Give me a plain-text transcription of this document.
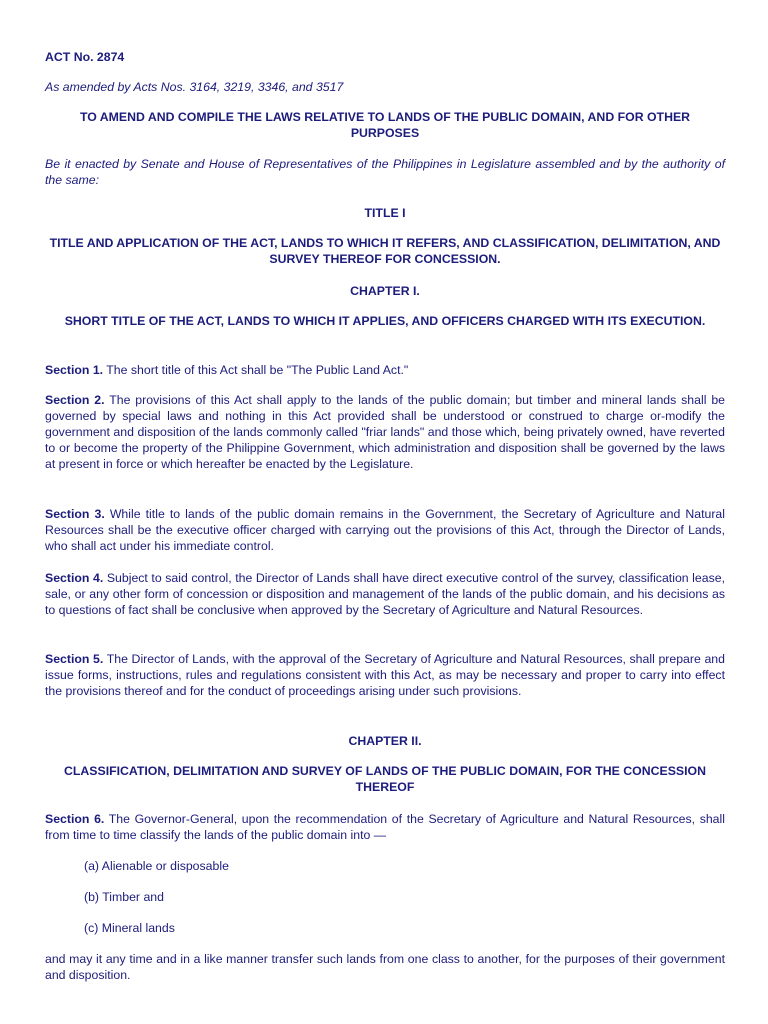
ACT No. 2874

As amended by Acts Nos. 3164, 3219, 3346, and 3517

TO AMEND AND COMPILE THE LAWS RELATIVE TO LANDS OF THE PUBLIC DOMAIN, AND FOR OTHER PURPOSES

Be it enacted by Senate and House of Representatives of the Philippines in Legislature assembled and by the authority of the same:

TITLE I

TITLE AND APPLICATION OF THE ACT, LANDS TO WHICH IT REFERS, AND CLASSIFICATION, DELIMITATION, AND SURVEY THEREOF FOR CONCESSION.

CHAPTER I.

SHORT TITLE OF THE ACT, LANDS TO WHICH IT APPLIES, AND OFFICERS CHARGED WITH ITS EXECUTION.

Section 1. The short title of this Act shall be "The Public Land Act."

Section 2. The provisions of this Act shall apply to the lands of the public domain; but timber and mineral lands shall be governed by special laws and nothing in this Act provided shall be understood or construed to charge or-modify the government and disposition of the lands commonly called "friar lands" and those which, being privately owned, have reverted to or become the property of the Philippine Government, which administration and disposition shall be governed by the laws at present in force or which hereafter be enacted by the Legislature.

Section 3. While title to lands of the public domain remains in the Government, the Secretary of Agriculture and Natural Resources shall be the executive officer charged with carrying out the provisions of this Act, through the Director of Lands, who shall act under his immediate control.

Section 4. Subject to said control, the Director of Lands shall have direct executive control of the survey, classification lease, sale, or any other form of concession or disposition and management of the lands of the public domain, and his decisions as to questions of fact shall be conclusive when approved by the Secretary of Agriculture and Natural Resources.

Section 5. The Director of Lands, with the approval of the Secretary of Agriculture and Natural Resources, shall prepare and issue forms, instructions, rules and regulations consistent with this Act, as may be necessary and proper to carry into effect the provisions thereof and for the conduct of proceedings arising under such provisions.

CHAPTER II.

CLASSIFICATION, DELIMITATION AND SURVEY OF LANDS OF THE PUBLIC DOMAIN, FOR THE CONCESSION THEREOF

Section 6. The Governor-General, upon the recommendation of the Secretary of Agriculture and Natural Resources, shall from time to time classify the lands of the public domain into —

(a) Alienable or disposable

(b) Timber and

(c) Mineral lands

and may it any time and in a like manner transfer such lands from one class to another, for the purposes of their government and disposition.
